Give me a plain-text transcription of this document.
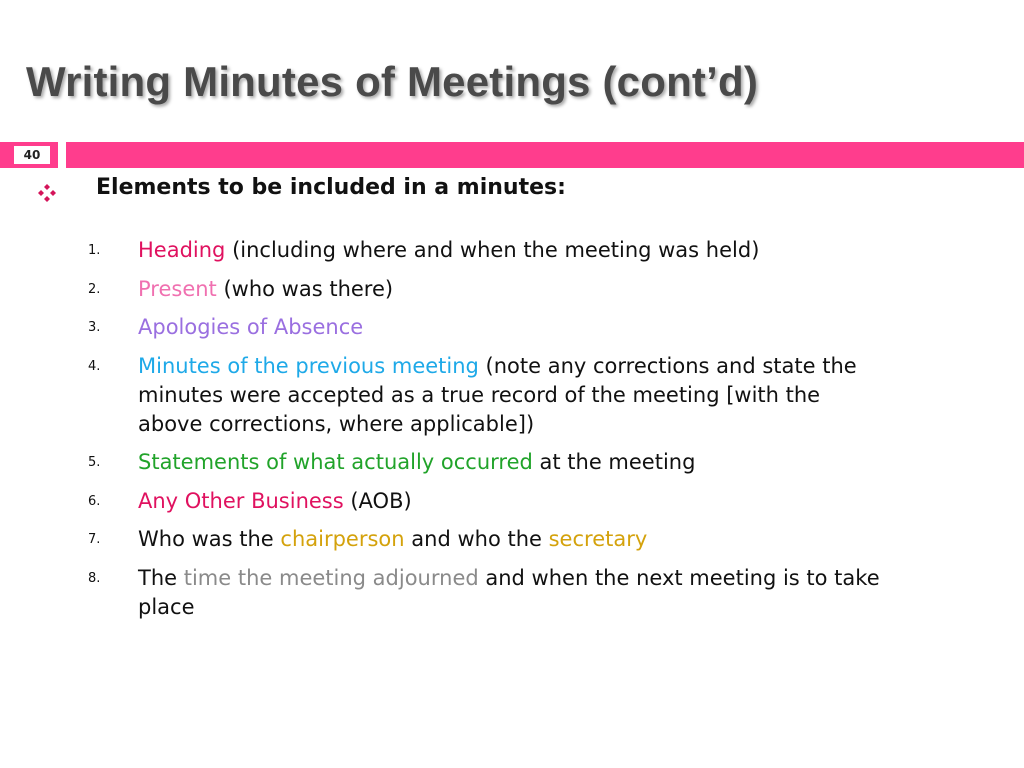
Writing Minutes of Meetings (cont’d)
40

Elements to be included in a minutes:

1.	Heading (including where and when the meeting was held)
2.	Present (who was there)
3.	Apologies of Absence
4.	Minutes of the previous meeting (note any corrections and state the minutes were accepted as a true record of the meeting [with the above corrections, where applicable])
5.	Statements of what actually occurred at the meeting
6.	Any Other Business (AOB)
7.	Who was the chairperson and who the secretary
8.	The time the meeting adjourned and when the next meeting is to take place
